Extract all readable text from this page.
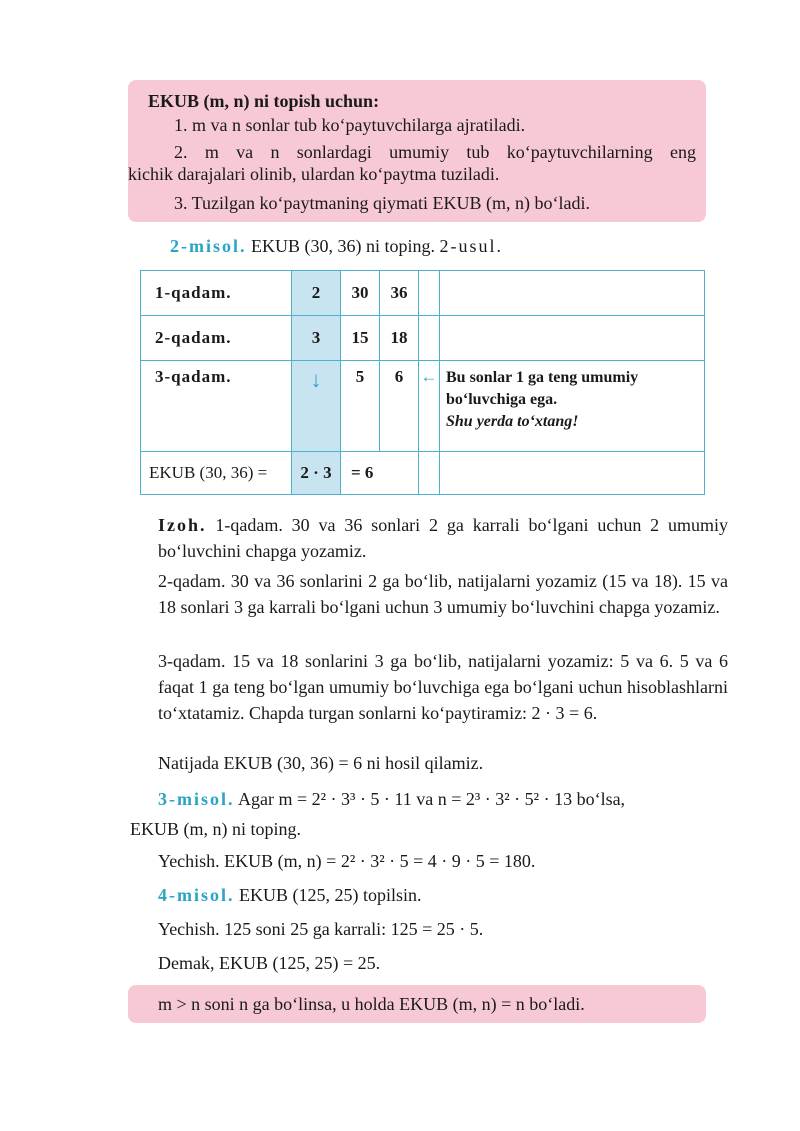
EKUB (m, n) ni topish uchun:
1. m va n sonlar tub ko‘paytuvchilarga ajratiladi.
2. m va n sonlardagi umumiy tub ko‘paytuvchilarning eng
kichik darajalari olinib, ulardan ko‘paytma tuziladi.
3. Tuzilgan ko‘paytmaning qiymati EKUB (m, n) bo‘ladi.
2-misol. EKUB (30, 36) ni toping. 2-usul.
1-qadam.	2	30	36		
2-qadam.	3	15	18		
3-qadam.	↓	5	6	←	Bu sonlar 1 ga teng umumiy
bo‘luvchiga ega.
Shu yerda to‘xtang!

EKUB (30, 36) =	2 · 3	= 6			
Izoh. 1-qadam. 30 va 36 sonlari 2 ga karrali bo‘lgani uchun 2 umumiy bo‘luvchini chapga yozamiz.
2-qadam. 30 va 36 sonlarini 2 ga bo‘lib, natijalarni yozamiz (15 va 18). 15 va 18 sonlari 3 ga karrali bo‘lgani uchun 3 umumiy bo‘luvchini chapga yozamiz.
3-qadam. 15 va 18 sonlarini 3 ga bo‘lib, natijalarni yozamiz: 5 va 6. 5 va 6 faqat 1 ga teng bo‘lgan umumiy bo‘luvchiga ega bo‘lgani uchun hisoblashlarni to‘xtatamiz. Chapda turgan sonlarni ko‘paytiramiz: 2 · 3 = 6.
Natijada EKUB (30, 36) = 6 ni hosil qilamiz.
3-misol. Agar m = 2² · 3³ · 5 · 11 va n = 2³ · 3² · 5² · 13 bo‘lsa,
EKUB (m, n) ni toping.
Yechish. EKUB (m, n) = 2² · 3² · 5 = 4 · 9 · 5 = 180.
4-misol. EKUB (125, 25) topilsin.
Yechish. 125 soni 25 ga karrali: 125 = 25 · 5.
Demak, EKUB (125, 25) = 25.
m > n soni n ga bo‘linsa, u holda EKUB (m, n) = n bo‘ladi.
